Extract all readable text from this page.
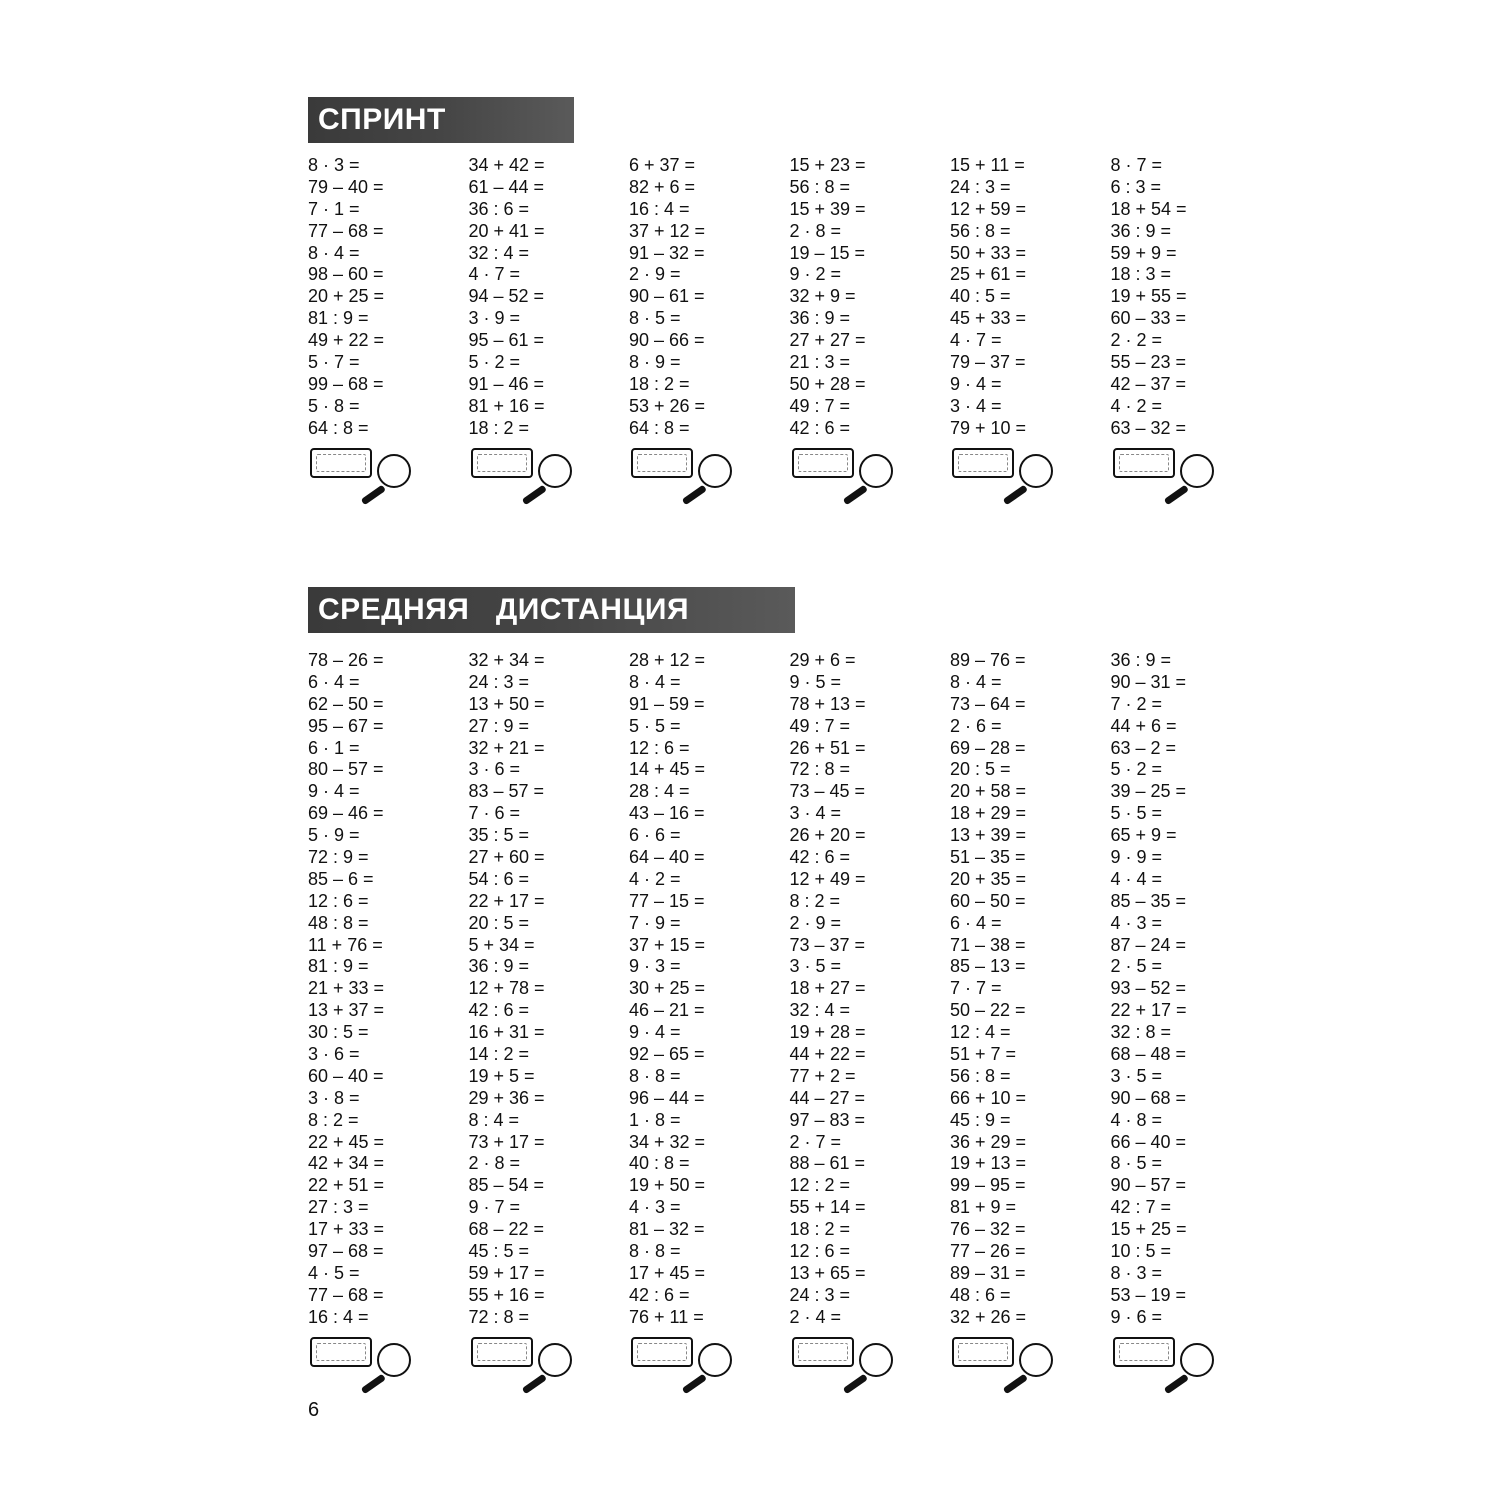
СПРИНТ
8 · 3 =
79 – 40 =
7 · 1 =
77 – 68 =
8 · 4 =
98 – 60 =
20 + 25 =
81 : 9 =
49 + 22 =
5 · 7 =
99 – 68 =
5 · 8 =
64 : 8 =
34 + 42 =
61 – 44 =
36 : 6 =
20 + 41 =
32 : 4 =
4 · 7 =
94 – 52 =
3 · 9 =
95 – 61 =
5 · 2 =
91 – 46 =
81 + 16 =
18 : 2 =
6 + 37 =
82 + 6 =
16 : 4 =
37 + 12 =
91 – 32 =
2 · 9 =
90 – 61 =
8 · 5 =
90 – 66 =
8 · 9 =
18 : 2 =
53 + 26 =
64 : 8 =
15 + 23 =
56 : 8 =
15 + 39 =
2 · 8 =
19 – 15 =
9 · 2 =
32 + 9 =
36 : 9 =
27 + 27 =
21 : 3 =
50 + 28 =
49 : 7 =
42 : 6 =
15 + 11 =
24 : 3 =
12 + 59 =
56 : 8 =
50 + 33 =
25 + 61 =
40 : 5 =
45 + 33 =
4 · 7 =
79 – 37 =
9 · 4 =
3 · 4 =
79 + 10 =
8 · 7 =
6 : 3 =
18 + 54 =
36 : 9 =
59 + 9 =
18 : 3 =
19 + 55 =
60 – 33 =
2 · 2 =
55 – 23 =
42 – 37 =
4 · 2 =
63 – 32 =
СРЕДНЯЯ   ДИСТАНЦИЯ
78 – 26 =
6 · 4 =
62 – 50 =
95 – 67 =
6 · 1 =
80 – 57 =
9 · 4 =
69 – 46 =
5 · 9 =
72 : 9 =
85 – 6 =
12 : 6 =
48 : 8 =
11 + 76 =
81 : 9 =
21 + 33 =
13 + 37 =
30 : 5 =
3 · 6 =
60 – 40 =
3 · 8 =
8 : 2 =
22 + 45 =
42 + 34 =
22 + 51 =
27 : 3 =
17 + 33 =
97 – 68 =
4 · 5 =
77 – 68 =
16 : 4 =
32 + 34 =
24 : 3 =
13 + 50 =
27 : 9 =
32 + 21 =
3 · 6 =
83 – 57 =
7 · 6 =
35 : 5 =
27 + 60 =
54 : 6 =
22 + 17 =
20 : 5 =
5 + 34 =
36 : 9 =
12 + 78 =
42 : 6 =
16 + 31 =
14 : 2 =
19 + 5 =
29 + 36 =
8 : 4 =
73 + 17 =
2 · 8 =
85 – 54 =
9 · 7 =
68 – 22 =
45 : 5 =
59 + 17 =
55 + 16 =
72 : 8 =
28 + 12 =
8 · 4 =
91 – 59 =
5 · 5 =
12 : 6 =
14 + 45 =
28 : 4 =
43 – 16 =
6 · 6 =
64 – 40 =
4 · 2 =
77 – 15 =
7 · 9 =
37 + 15 =
9 · 3 =
30 + 25 =
46 – 21 =
9 · 4 =
92 – 65 =
8 · 8 =
96 – 44 =
1 · 8 =
34 + 32 =
40 : 8 =
19 + 50 =
4 · 3 =
81 – 32 =
8 · 8 =
17 + 45 =
42 : 6 =
76 + 11 =
29 + 6 =
9 · 5 =
78 + 13 =
49 : 7 =
26 + 51 =
72 : 8 =
73 – 45 =
3 · 4 =
26 + 20 =
42 : 6 =
12 + 49 =
8 : 2 =
2 · 9 =
73 – 37 =
3 · 5 =
18 + 27 =
32 : 4 =
19 + 28 =
44 + 22 =
77 + 2 =
44 – 27 =
97 – 83 =
2 · 7 =
88 – 61 =
12 : 2 =
55 + 14 =
18 : 2 =
12 : 6 =
13 + 65 =
24 : 3 =
2 · 4 =
89 – 76 =
8 · 4 =
73 – 64 =
2 · 6 =
69 – 28 =
20 : 5 =
20 + 58 =
18 + 29 =
13 + 39 =
51 – 35 =
20 + 35 =
60 – 50 =
6 · 4 =
71 – 38 =
85 – 13 =
7 · 7 =
50 – 22 =
12 : 4 =
51 + 7 =
56 : 8 =
66 + 10 =
45 : 9 =
36 + 29 =
19 + 13 =
99 – 95 =
81 + 9 =
76 – 32 =
77 – 26 =
89 – 31 =
48 : 6 =
32 + 26 =
36 : 9 =
90 – 31 =
7 · 2 =
44 + 6 =
63 – 2 =
5 · 2 =
39 – 25 =
5 · 5 =
65 + 9 =
9 · 9 =
4 · 4 =
85 – 35 =
4 · 3 =
87 – 24 =
2 · 5 =
93 – 52 =
22 + 17 =
32 : 8 =
68 – 48 =
3 · 5 =
90 – 68 =
4 · 8 =
66 – 40 =
8 · 5 =
90 – 57 =
42 : 7 =
15 + 25 =
10 : 5 =
8 · 3 =
53 – 19 =
9 · 6 =
6
